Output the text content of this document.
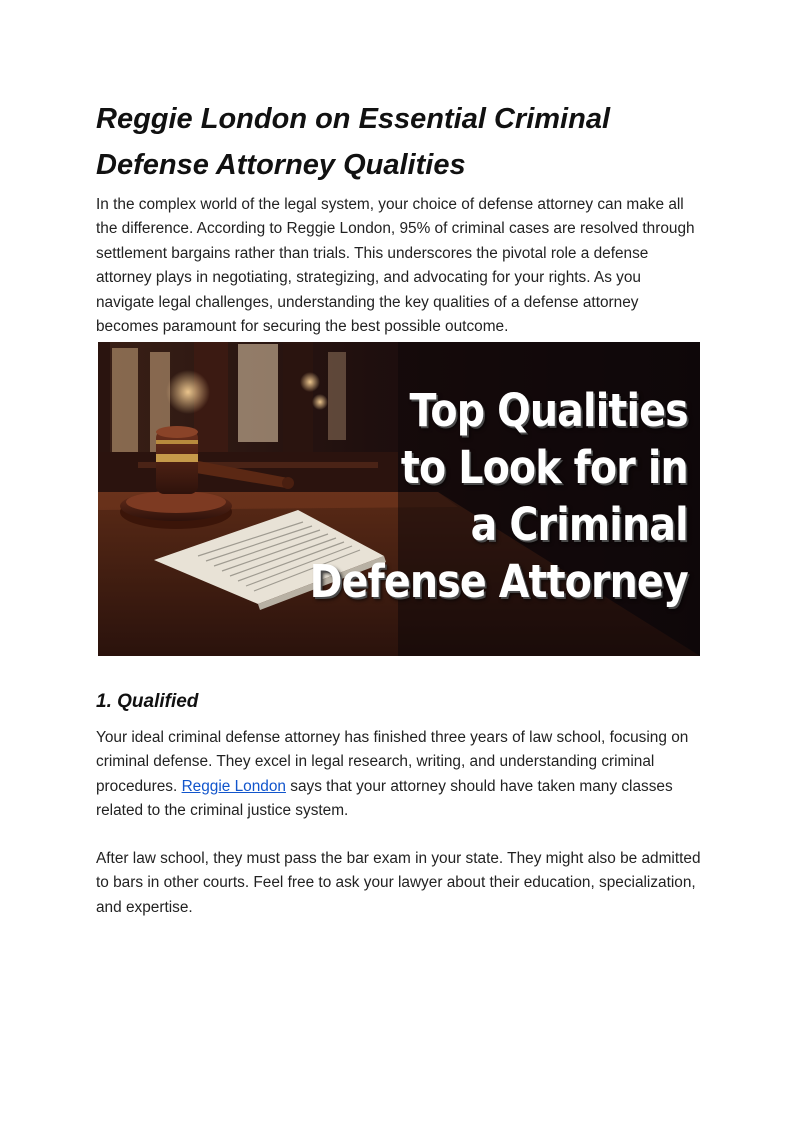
Reggie London on Essential Criminal Defense Attorney Qualities

In the complex world of the legal system, your choice of defense attorney can make all the difference. According to Reggie London, 95% of criminal cases are resolved through settlement bargains rather than trials. This underscores the pivotal role a defense attorney plays in negotiating, strategizing, and advocating for your rights. As you navigate legal challenges, understanding the key qualities of a defense attorney becomes paramount for securing the best possible outcome.

Top Qualities
to Look for in
a Criminal
Defense Attorney
1. Qualified

Your ideal criminal defense attorney has finished three years of law school, focusing on criminal defense. They excel in legal research, writing, and understanding criminal procedures. Reggie London says that your attorney should have taken many classes related to the criminal justice system.

After law school, they must pass the bar exam in your state. They might also be admitted to bars in other courts. Feel free to ask your lawyer about their education, specialization, and expertise.
